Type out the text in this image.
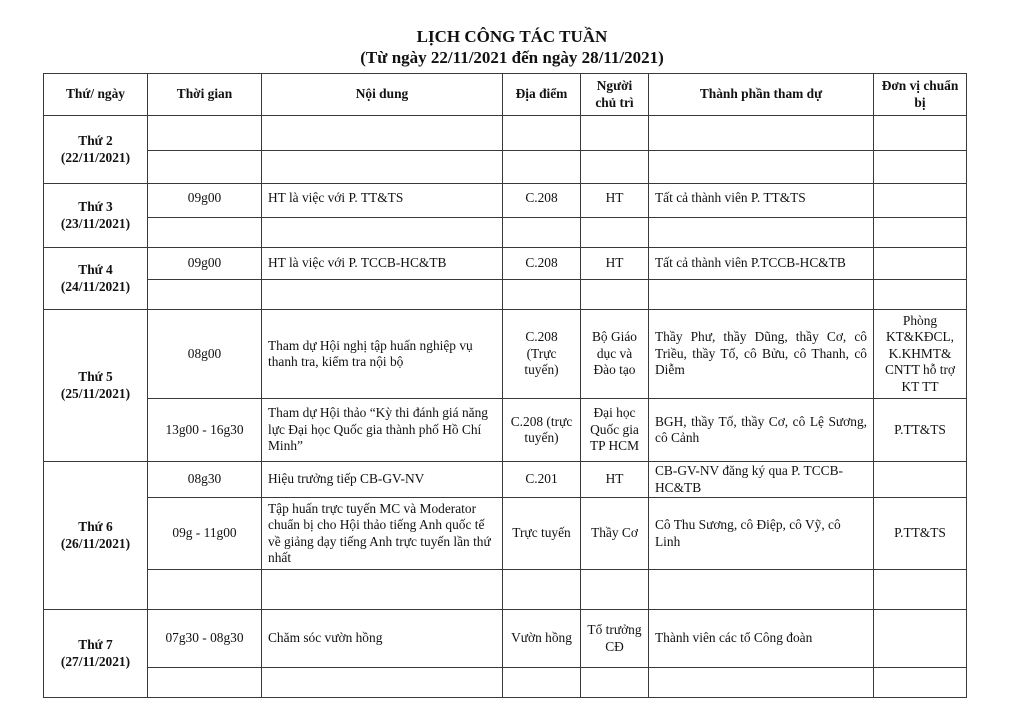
LỊCH CÔNG TÁC TUẦN
(Từ ngày 22/11/2021 đến ngày 28/11/2021)
Thứ/ ngày	Thời gian	Nội dung	Địa điểm	Người chủ trì	Thành phần tham dự	Đơn vị chuẩn bị
Thứ 2
(22/11/2021)						

Thứ 3
(23/11/2021)	09g00	HT là việc với P. TT&TS	C.208	HT	Tất cả thành viên P. TT&TS	

Thứ 4
(24/11/2021)	09g00	HT là việc với P. TCCB-HC&TB	C.208	HT	Tất cả thành viên P.TCCB-HC&TB	

Thứ 5
(25/11/2021)	08g00	Tham dự Hội nghị tập huấn nghiệp vụ thanh tra, kiểm tra nội bộ	C.208 (Trực tuyến)	Bộ Giáo dục và Đào tạo	Thầy Phư, thầy Dũng, thầy Cơ, cô Triều, thầy Tố, cô Bửu, cô Thanh, cô Diễm	Phòng KT&KĐCL, K.KHMT& CNTT hỗ trợ KT TT
	13g00 - 16g30	Tham dự Hội thảo “Kỳ thi đánh giá năng lực Đại học Quốc gia thành phố Hồ Chí Minh”	C.208 (trực tuyến)	Đại học Quốc gia TP HCM	BGH, thầy Tố, thầy Cơ, cô Lệ Sương, cô Cảnh	P.TT&TS
Thứ 6
(26/11/2021)	08g30	Hiệu trưởng tiếp CB-GV-NV	C.201	HT	CB-GV-NV đăng ký qua P. TCCB-HC&TB	
	09g - 11g00	Tập huấn trực tuyến MC và Moderator chuẩn bị cho Hội thảo tiếng Anh quốc tế về giảng dạy tiếng Anh trực tuyến lần thứ nhất	Trực tuyến	Thầy Cơ	Cô Thu Sương, cô Điệp, cô Vỹ, cô Linh	P.TT&TS

Thứ 7
(27/11/2021)	07g30 - 08g30	Chăm sóc vườn hồng	Vườn hồng	Tổ trưởng CĐ	Thành viên các tổ Công đoàn	
